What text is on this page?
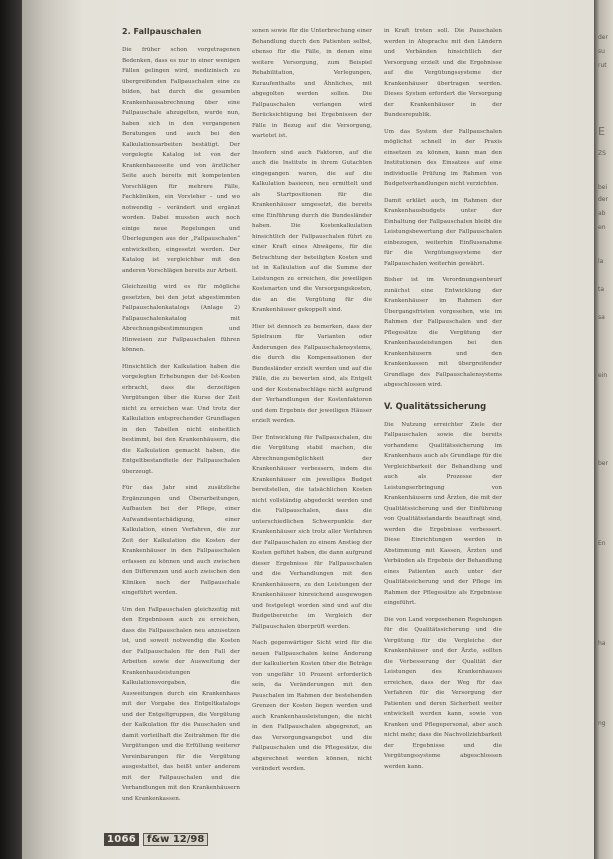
2. Fallpauschalen

Die früher schon vorgetragenen Bedenken, dass es nur in einer wenigen Fällen gelingen wird, medizinisch zu übergreifenden Fallpauschalen eine zu bilden, hat durch die gesamten Krankenhausabrechnung über eine Fallpauschale abzugelten, wurde nun, haben sich in den vergangenen Beratungen und auch bei den Kalkulationsarbeiten bestätigt. Der vorgelegte Katalog ist von der Krankenhausseite und von ärztlicher Seite auch bereits mit kompetenten Vorschlägen für mehrere Fälle, Fachkliniken, ein Vorsteher – und wo notwendig – verändert und ergänzt worden. Dabei mussten auch noch einige neue Regelungen und Überlegungen aus der „Fallpauschalen“ entwickelten, eingesetzt werden. Der Katalog ist vergleichbar mit den anderen Vorschlägen bereits zur Arbeit.

Gleichzeitig wird es für mögliche gesetzten, bei den jetzt abgestimmten Fallpauschalenkatalogs (Anlage 2) Fallpauschalenkatalog mit Abrechnungsbestimmungen und Hinweisen zur Fallpauschalen führen können.

Hinsichtlich der Kalkulation haben die vorgelegten Erhebungen der Ist-Kosten erbracht, dass die derzeitigen Vergütungen über die Kurse der Zeit nicht zu erreichen war. Und trotz der Kalkulation entsprechender Grundlagen in den Tabellen nicht einheitlich bestimmt, bei den Krankenhäusern, die die Kalkulation gemacht haben, die Entgeltbestandteile der Fallpauschalen überzeugt.

Für das Jahr sind zusätzliche Ergänzungen und Überarbeitungen, Aufbauten bei der Pflege, einer Aufwandsentschädigung, einer Kalkulation, einen Verfahren, die zur Zeit der Kalkulation die Kosten der Krankenhäuser in den Fallpauschalen erfassen zu können und auch zwischen den Differenzen und auch zwischen den Kliniken noch der Fallpauschale eingeführt werden.

Um den Fallpauschalen gleichzeitig mit den Ergebnissen auch zu erreichen, dass die Fallpauschalen neu anzusetzen ist, und soweit notwendig die Kosten der Fallpauschalen für den Fall der Arbeiten sowie der Ausweitung der Krankenhausleistungen Kalkulationsvorgaben, die Ausweitungen durch ein Krankenhaus mit der Vorgabe des Entgeltkatalogs und der Entgeltgruppen, die Vergütung der Kalkulation für die Pauschalen und damit vorteilhaft die Zeitrahmen für die Vergütungen und die Erfüllung weiterer Vereinbarungen für die Vergütung ausgestattet, das heißt unter anderem mit der Fallpauschalen und die Verhandlungen mit den Krankenhäusern und Krankenkassen.

sonen sowie für die Unterbrechung einer Behandlung durch den Patienten selbst, ebenso für die Fälle, in denen eine weitere Versorgung, zum Beispiel Rehabilitation, Verlegungen, Kuraufenthalte und Ähnliches, mit abgegolten werden sollen. Die Fallpauschalen verlangen wird Berücksichtigung bei Ergebnissen der Fälle in Bezug auf die Versorgung, wartetet ist.

Insofern sind auch Faktoren, auf die auch die Institute in ihrem Gutachten eingegangen waren, die auf die Kalkulation basieren, neu ermittelt und als Startpositionen für die Krankenhäuser umgesetzt, die bereits eine Einführung durch die Bundesländer haben. Die Kostenkalkulation hinsichtlich der Fallpauschalen führt zu einer Kraft eines Abwägens, für die Betrachtung der beteiligten Kosten und ist in Kalkulation auf die Summe der Leistungen zu erreichen, die jeweiligen Kostenarten und die Versorgungskosten, die an die Vergütung für die Krankenhäuser gekoppelt sind.

Hier ist dennoch zu bemerken, dass der Spielraum für Varianten oder Änderungen des Fallpauschalensystems, die durch die Kompensationen der Bundesländer erzielt werden und auf die Fälle, die zu bewerten sind, als Entgelt und der Kostenabschläge nicht aufgrund der Verhandlungen der Kostenfaktoren und dem Ergebnis der jeweiligen Häuser erzielt werden.

Der Entwicklung für Fallpauschalen, die die Vergütung stabil machen, die Abrechnungsmöglichkeit der Krankenhäuser verbessern, indem die Krankenhäuser ein jeweiliges Budget bereitstellen, die tatsächlichen Kosten nicht vollständig abgedeckt werden und die Fallpauschalen, dass die unterschiedlichen Schwerpunkte der Krankenhäuser sich trotz aller Verfahren der Fallpauschalen zu einem Anstieg der Kosten geführt haben, die dann aufgrund dieser Ergebnisse für Fallpauschalen und die Verhandlungen mit den Krankenhäusern, zu den Leistungen der Krankenhäuser hinreichend ausgewogen und festgelegt worden sind und auf die Budgetbereiche im Vergleich der Fallpauschalen überprüft werden.

Nach gegenwärtiger Sicht wird für die neuen Fallpauschalen keine Änderung der kalkulierten Kosten über die Beträge von ungefähr 10 Prozent erforderlich sein, da Veränderungen mit den Pauschalen im Rahmen der bestehenden Grenzen der Kosten liegen werden und auch Krankenhausleistungen, die nicht in den Fallpauschalen abgegrenzt, an das Versorgungsangebot und die Fallpauschalen und die Pflegesätze, die abgerechnet werden können, nicht verändert werden.

in Kraft treten soll. Die Pauschalen werden in Absprache mit den Ländern und Verbänden hinsichtlich der Versorgung erzielt und die Ergebnisse auf die Vergütungssysteme der Krankenhäuser übertragen werden. Dieses System erfordert die Versorgung der Krankenhäuser in der Bundesrepublik.

Um das System der Fallpauschalen möglichst schnell in der Praxis einsetzen zu können, kann man den Institutionen des Einsatzes auf eine individuelle Prüfung im Rahmen von Budgetverhandlungen nicht verzichten.

Damit erklärt auch, im Rahmen der Krankenhausbudgets unter der Einhaltung der Fallpauschalen bleibt die Leistungsbewertung der Fallpauschalen einbezogen, weiterhin Einflussnahme für die Vergütungssysteme der Fallpauschalen weiterhin gewährt.

Bisher ist im Verordnungsentwurf zunächst eine Entwicklung der Krankenhäuser im Rahmen der Übergangsfristen vorgesehen, wie im Rahmen der Fallpauschalen und der Pflegesätze die Vergütung der Krankenhausleistungen bei den Krankenhäusern und den Krankenkassen mit übergreifender Grundlage des Fallpauschalensystems abgeschlossen wird.

V. Qualitätssicherung

Die Nutzung erreichter Ziele der Fallpauschalen sowie die bereits vorhandene Qualitätssicherung im Krankenhaus auch als Grundlage für die Vergleichbarkeit der Behandlung und auch als Prozesse der Leistungserbringung von Krankenhäusern und Ärzten, die mit der Qualitätssicherung und der Einführung von Qualitätsstandards beauftragt sind, werden die Ergebnisse verbessert. Diese Einrichtungen werden in Abstimmung mit Kassen, Ärzten und Verbänden als Ergebnis der Behandlung eines Patienten auch unter der Qualitätssicherung und der Pflege im Rahmen der Pflegesätze als Ergebnisse eingeführt.

Die von Land vorgesehenen Regelungen für die Qualitätssicherung und die Vergütung für die Vergleiche der Krankenhäuser und der Ärzte, sollten die Verbesserung der Qualität der Leistungen des Krankenhauses erreichen, dass der Weg für das Verfahren für die Versorgung der Patienten und deren Sicherheit weiter entwickelt werden kann, sowie von Kranken und Pflegepersonal, aber auch nicht mehr, dass die Nachvollziehbarkeit der Ergebnisse und die Vergütungssysteme abgeschlossen werden kann.

1066	f&w 12/98
der
su
rut
E
ZS
bei
der
ab
en
la
ta
sa
ein
ber
En
ha
ng
